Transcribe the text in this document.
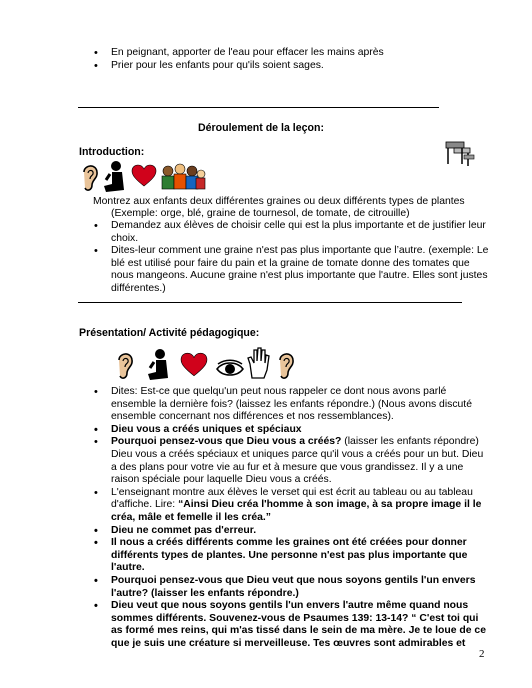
• En peignant, apporter de l'eau pour effacer les mains après
• Prier pour les enfants pour qu'ils soient sages.
Déroulement de la leçon:
Introduction:
Montrez aux enfants deux différentes graines ou deux différents types de plantes
(Exemple: orge, blé, graine de tournesol, de tomate, de citrouille)
• Demandez aux élèves de choisir celle qui est la plus importante et de justifier leur choix.
• Dites-leur comment une graine n'est pas plus importante que l’autre. (exemple: Le blé est utilisé pour faire du pain et la graine de tomate donne des tomates que nous mangeons. Aucune graine n'est plus importante que l'autre. Elles sont justes différentes.)
Présentation/ Activité pédagogique:
• Dites: Est-ce que quelqu'un peut nous rappeler ce dont nous avons parlé ensemble la dernière fois? (laissez les enfants répondre.) (Nous avons discuté ensemble concernant nos différences et nos ressemblances).
• Dieu vous a créés uniques et spéciaux
• Pourquoi pensez-vous que Dieu vous a créés? (laisser les enfants répondre) Dieu vous a créés spéciaux et uniques parce qu'il vous a créés pour un but. Dieu a des plans pour votre vie au fur et à mesure que vous grandissez. Il y a une raison spéciale pour laquelle Dieu vous a créés.
• L'enseignant montre aux élèves le verset qui est écrit au tableau ou au tableau d'affiche. Lire: “Ainsi Dieu créa l'homme à son image, à sa propre image il le créa, mâle et femelle il les créa.”
• Dieu ne commet pas d'erreur.
• Il nous a créés différents comme les graines ont été créées pour donner différents types de plantes. Une personne n'est pas plus importante que l'autre.
• Pourquoi pensez-vous que Dieu veut que nous soyons gentils l'un envers l'autre? (laisser les enfants répondre.)
• Dieu veut que nous soyons gentils l'un envers l'autre même quand nous sommes différents. Souvenez-vous de Psaumes 139: 13-14? “ C'est toi qui as formé mes reins, qui m'as tissé dans le sein de ma mère. Je te loue de ce que je suis une créature si merveilleuse. Tes œuvres sont admirables et
2
